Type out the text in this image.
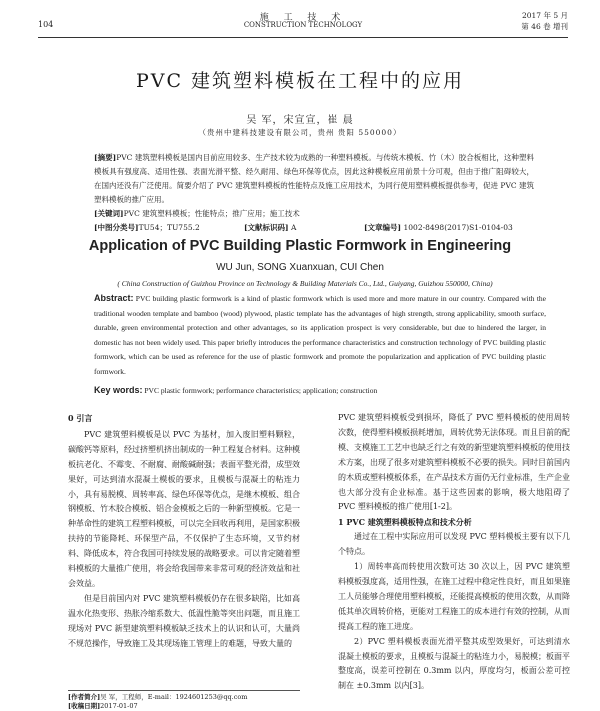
104
施 工 技 术
CONSTRUCTION TECHNOLOGY
2017 年 5 月
第 46 卷 增刊
PVC 建筑塑料模板在工程中的应用
吴 军，宋宣宣，崔 晨
（贵州中建科技建设有限公司，贵州 贵阳 550000）
[摘要]PVC 建筑塑料模板是国内目前应用较多、生产技术较为成熟的一种塑料模板。与传统木模板、竹（木）胶合板相比，这种塑料模板具有强度高、适用性强、表面光滑平整、经久耐用、绿色环保等优点，因此这种模板应用前景十分可观，但由于推广阻碍较大，在国内还没有广泛使用。简要介绍了 PVC 建筑塑料模板的性能特点及施工应用技术，为同行使用塑料模板提供参考，促进 PVC 建筑塑料模板的推广应用。
[关键词]PVC 建筑塑料模板；性能特点；推广应用；施工技术
[中图分类号]TU54；TU755.2	[文献标识码] A	[文章编号] 1002-8498(2017)S1-0104-03
Application of PVC Building Plastic Formwork in Engineering
WU Jun, SONG Xuanxuan, CUI Chen
( China Construction of Guizhou Province on Technology & Building Materials Co., Ltd., Guiyang, Guizhou 550000, China)
Abstract: PVC building plastic formwork is a kind of plastic formwork which is used more and more mature in our country. Compared with the traditional wooden template and bamboo (wood) plywood, plastic template has the advantages of high strength, strong applicability, smooth surface, durable, green environmental protection and other advantages, so its application prospect is very considerable, but due to hindered the larger, in domestic has not been widely used. This paper briefly introduces the performance characteristics and construction technology of PVC building plastic formwork, which can be used as reference for the use of plastic formwork and promote the popularization and application of PVC building plastic formwork.
Key words: PVC plastic formwork; performance characteristics; application; construction
0 引言

PVC 建筑塑料模板是以 PVC 为基材，加入废旧塑料颗粒，碳酸钙等原料，经过挤塑机挤出制成的一种工程复合材料。这种模板抗老化、不霉变、不耐腐、耐酸碱耐强；表面平整光滑，成型效果好，可达到清水混凝土模板的要求，且模板与混凝土的粘连力小，具有易脱模、周转率高、绿色环保等优点，是继木模板、组合钢模板、竹木胶合模板、铝合金模板之后的一种新型模板。它是一种革命性的建筑工程塑料模板，可以完全回收再利用，是国家积极扶持的节能降耗、环保型产品，不仅保护了生态环境，又节约材料、降低成本，符合我国可持续发展的战略要求。可以肯定随着塑料模板的大量推广使用，将会给我国带来非常可观的经济效益和社会效益。

但是目前国内对 PVC 建筑塑料模板仍存在很多缺陷，比如高温水化热变形、热胀冷缩系数大、低温性脆等突出问题，而且施工现场对 PVC 新型建筑塑料模板缺乏技术上的认识和认可，大量尚不规范操作，导致施工及其现场施工管理上的难题，导致大量的

PVC 建筑塑料模板受到损坏，降低了 PVC 塑料模板的使用周转次数，使得塑料模板损耗增加，周转优势无法体现。而且目前的配模、支模施工工艺中也缺乏行之有效的新型建筑塑料模板的使用技术方案，出现了很多对建筑塑料模板不必要的损失。同时目前国内的木质或塑料模板体系，在产品技术方面仍无行业标准，生产企业也大部分没有企业标准。基于这些因素的影响，极大地阻碍了 PVC 塑料模板的推广使用[1-2]。

1 PVC 建筑塑料模板特点和技术分析

通过在工程中实际应用可以发现 PVC 塑料模板主要有以下几个特点。

1）周转率高而转使用次数可达 30 次以上，因 PVC 建筑塑料模板强度高，适用性强，在施工过程中稳定性良好，而且如果施工人员能够合理使用塑料模板，还能提高模板的使用次数，从而降低其单次周转价格，更能对工程施工的成本进行有效的控制，从而提高工程的施工进度。

2）PVC 塑料模板表面光滑平整其成型效果好，可达到清水混凝土模板的要求，且模板与混凝土的粘连力小，易脱模；板面平整度高，误差可控制在 0.3mm 以内，厚度均匀，板面公差可控制在 ±0.3mm 以内[3]。

[作者简介]吴 军，工程师，E-mail：1924601253@qq.com
[收稿日期]2017-01-07
